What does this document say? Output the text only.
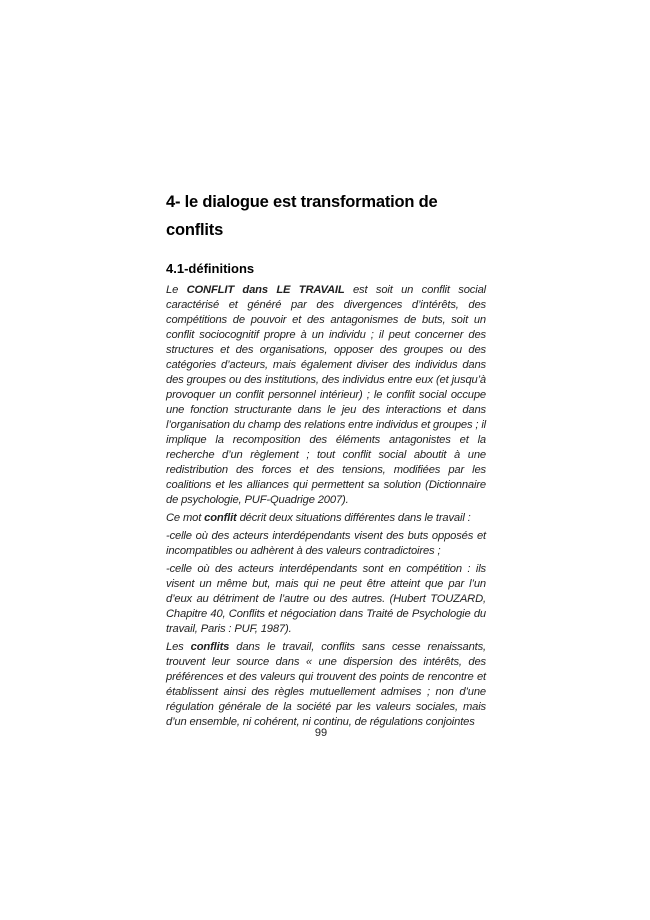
4- le dialogue est transformation de conflits
4.1-définitions

Le CONFLIT dans LE TRAVAIL est soit un conflit social caractérisé et généré par des divergences d’intérêts, des compétitions de pouvoir et des antagonismes de buts, soit un conflit sociocognitif propre à un individu ; il peut concerner des structures et des organisations, opposer des groupes ou des catégories d’acteurs, mais également diviser des individus dans des groupes ou des institutions, des individus entre eux (et jusqu’à provoquer un conflit personnel intérieur) ; le conflit social occupe une fonction structurante dans le jeu des interactions et dans l’organisation du champ des relations entre individus et groupes ; il implique la recomposition des éléments antagonistes et la recherche d’un règlement ; tout conflit social aboutit à une redistribution des forces et des tensions, modifiées par les coalitions et les alliances qui permettent sa solution (Dictionnaire de psychologie, PUF-Quadrige 2007).

Ce mot conflit décrit deux situations différentes dans le travail :

-celle où des acteurs interdépendants visent des buts opposés et incompatibles ou adhèrent à des valeurs contradictoires ;

-celle où des acteurs interdépendants sont en compétition : ils visent un même but, mais qui ne peut être atteint que par l’un d’eux au détriment de l’autre ou des autres. (Hubert TOUZARD, Chapitre 40, Conflits et négociation dans Traité de Psychologie du travail, Paris : PUF, 1987).

Les conflits dans le travail, conflits sans cesse renaissants, trouvent leur source dans « une dispersion des intérêts, des préférences et des valeurs qui trouvent des points de rencontre et établissent ainsi des règles mutuellement admises ; non d’une régulation générale de la société par les valeurs sociales, mais d’un ensemble, ni cohérent, ni continu, de régulations conjointes

99
